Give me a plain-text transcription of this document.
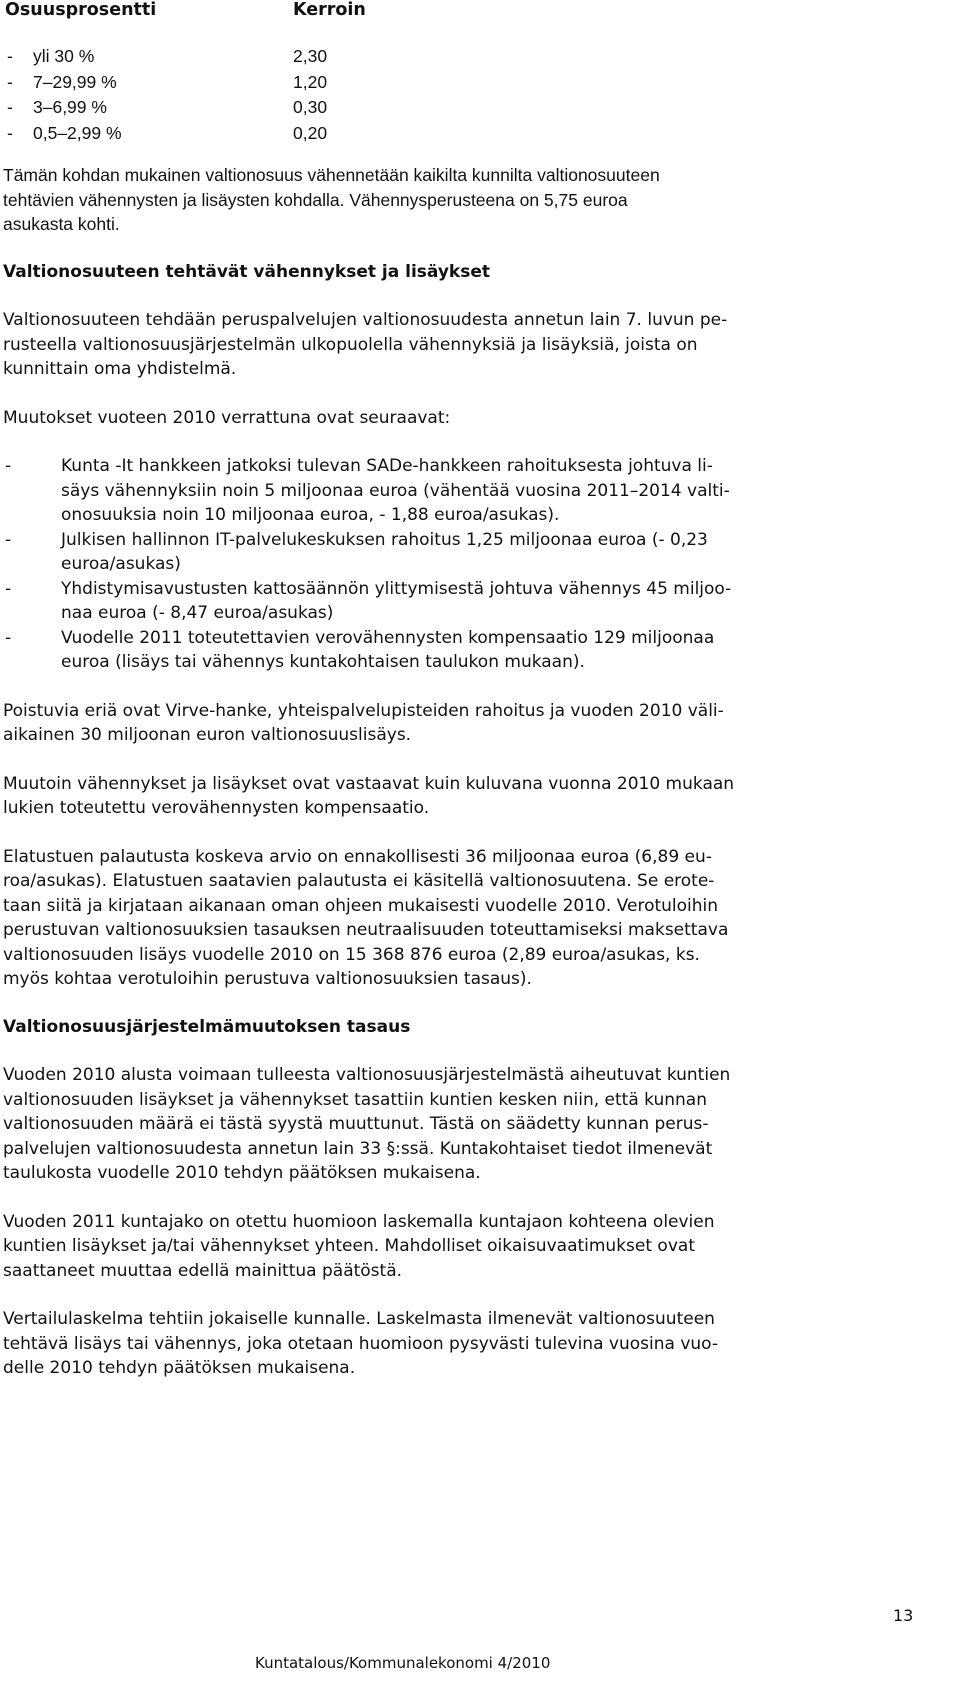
Osuusprosentti	Kerroin
- yli 30 %	2,30
- 7–29,99 %	1,20
- 3–6,99 %	0,30
- 0,5–2,99 %	0,20

Tämän kohdan mukainen valtionosuus vähennetään kaikilta kunnilta valtionosuuteen
tehtävien vähennysten ja lisäysten kohdalla. Vähennysperusteena on 5,75 euroa
asukasta kohti.

Valtionosuuteen tehtävät vähennykset ja lisäykset

Valtionosuuteen tehdään peruspalvelujen valtionosuudesta annetun lain 7. luvun pe-
rusteella valtionosuusjärjestelmän ulkopuolella vähennyksiä ja lisäyksiä, joista on
kunnittain oma yhdistelmä.

Muutokset vuoteen 2010 verrattuna ovat seuraavat:

-	Kunta -It hankkeen jatkoksi tulevan SADe-hankkeen rahoituksesta johtuva li-
säys vähennyksiin noin 5 miljoonaa euroa (vähentää vuosina 2011–2014 valti-
onosuuksia noin 10 miljoonaa euroa, - 1,88 euroa/asukas).
-	Julkisen hallinnon IT-palvelukeskuksen rahoitus 1,25 miljoonaa euroa (- 0,23
euroa/asukas)
-	Yhdistymisavustusten kattosäännön ylittymisestä johtuva vähennys 45 miljoo-
naa euroa (- 8,47 euroa/asukas)
-	Vuodelle 2011 toteutettavien verovähennysten kompensaatio 129 miljoonaa
euroa (lisäys tai vähennys kuntakohtaisen taulukon mukaan).

Poistuvia eriä ovat Virve-hanke, yhteispalvelupisteiden rahoitus ja vuoden 2010 väli-
aikainen 30 miljoonan euron valtionosuuslisäys.

Muutoin vähennykset ja lisäykset ovat vastaavat kuin kuluvana vuonna 2010 mukaan
lukien toteutettu verovähennysten kompensaatio.

Elatustuen palautusta koskeva arvio on ennakollisesti 36 miljoonaa euroa (6,89 eu-
roa/asukas). Elatustuen saatavien palautusta ei käsitellä valtionosuutena. Se erote-
taan siitä ja kirjataan aikanaan oman ohjeen mukaisesti vuodelle 2010. Verotuloihin
perustuvan valtionosuuksien tasauksen neutraalisuuden toteuttamiseksi maksettava
valtionosuuden lisäys vuodelle 2010 on 15 368 876 euroa (2,89 euroa/asukas, ks.
myös kohtaa verotuloihin perustuva valtionosuuksien tasaus).

Valtionosuusjärjestelmämuutoksen tasaus

Vuoden 2010 alusta voimaan tulleesta valtionosuusjärjestelmästä aiheutuvat kuntien
valtionosuuden lisäykset ja vähennykset tasattiin kuntien kesken niin, että kunnan
valtionosuuden määrä ei tästä syystä muuttunut. Tästä on säädetty kunnan perus-
palvelujen valtionosuudesta annetun lain 33 §:ssä. Kuntakohtaiset tiedot ilmenevät
taulukosta vuodelle 2010 tehdyn päätöksen mukaisena.

Vuoden 2011 kuntajako on otettu huomioon laskemalla kuntajaon kohteena olevien
kuntien lisäykset ja/tai vähennykset yhteen. Mahdolliset oikaisuvaatimukset ovat
saattaneet muuttaa edellä mainittua päätöstä.

Vertailulaskelma tehtiin jokaiselle kunnalle. Laskelmasta ilmenevät valtionosuuteen
tehtävä lisäys tai vähennys, joka otetaan huomioon pysyvästi tulevina vuosina vuo-
delle 2010 tehdyn päätöksen mukaisena.

13
Kuntatalous/Kommunalekonomi 4/2010
